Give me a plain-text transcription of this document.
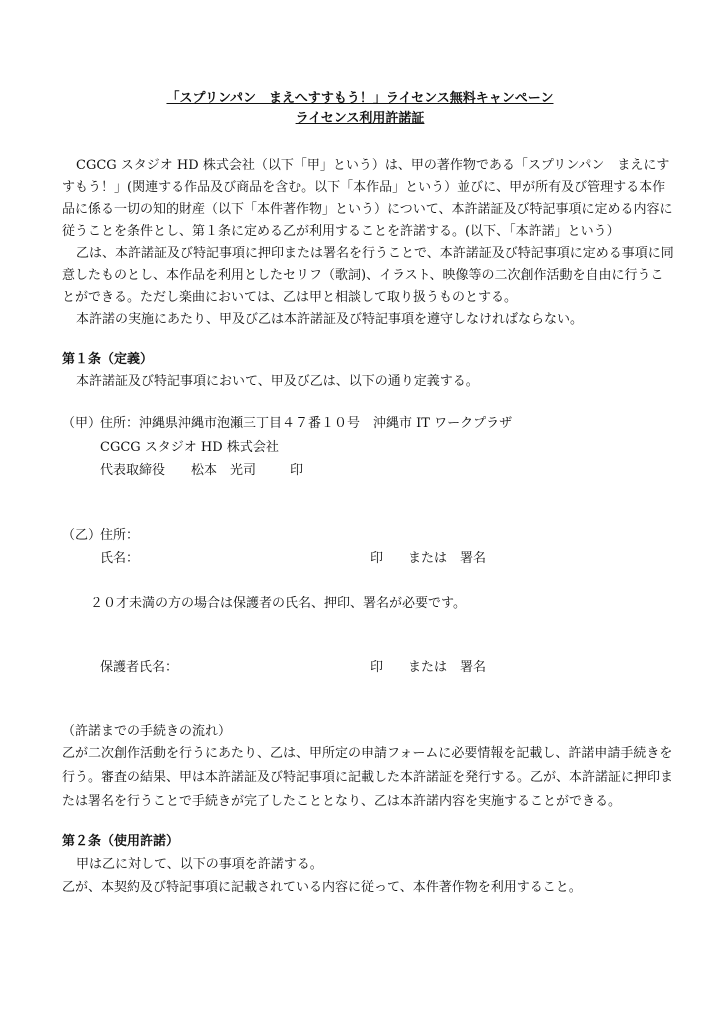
「スプリンパン　まえへすすもう！」ライセンス無料キャンペーン
ライセンス利用許諾証
CGCG スタジオ HD 株式会社（以下「甲」という）は、甲の著作物である「スプリンパン　まえにす
すもう！」(関連する作品及び商品を含む。以下「本作品」という）並びに、甲が所有及び管理する本作
品に係る一切の知的財産（以下「本件著作物」という）について、本許諾証及び特記事項に定める内容に
従うことを条件とし、第１条に定める乙が利用することを許諾する。(以下、「本許諾」という）
乙は、本許諾証及び特記事項に押印または署名を行うことで、本許諾証及び特記事項に定める事項に同
意したものとし、本作品を利用としたセリフ（歌詞)、イラスト、映像等の二次創作活動を自由に行うこ
とができる。ただし楽曲においては、乙は甲と相談して取り扱うものとする。
本許諾の実施にあたり、甲及び乙は本許諾証及び特記事項を遵守しなければならない。
第１条（定義）
本許諾証及び特記事項において、甲及び乙は、以下の通り定義する。
（甲）
住所：沖縄県沖縄市泡瀬三丁目４７番１０号　沖縄市 IT ワークプラザ
CGCG スタジオ HD 株式会社
代表取締役　　松本　光司	印
（乙）
住所：
氏名：	印 または 署名
２０才未満の方の場合は保護者の氏名、押印、署名が必要です。
保護者氏名：	印 または 署名
（許諾までの手続きの流れ）
乙が二次創作活動を行うにあたり、乙は、甲所定の申請フォームに必要情報を記載し、許諾申請手続きを
行う。審査の結果、甲は本許諾証及び特記事項に記載した本許諾証を発行する。乙が、本許諾証に押印ま
たは署名を行うことで手続きが完了したこととなり、乙は本許諾内容を実施することができる。
第２条（使用許諾）
甲は乙に対して、以下の事項を許諾する。
乙が、本契約及び特記事項に記載されている内容に従って、本件著作物を利用すること。
